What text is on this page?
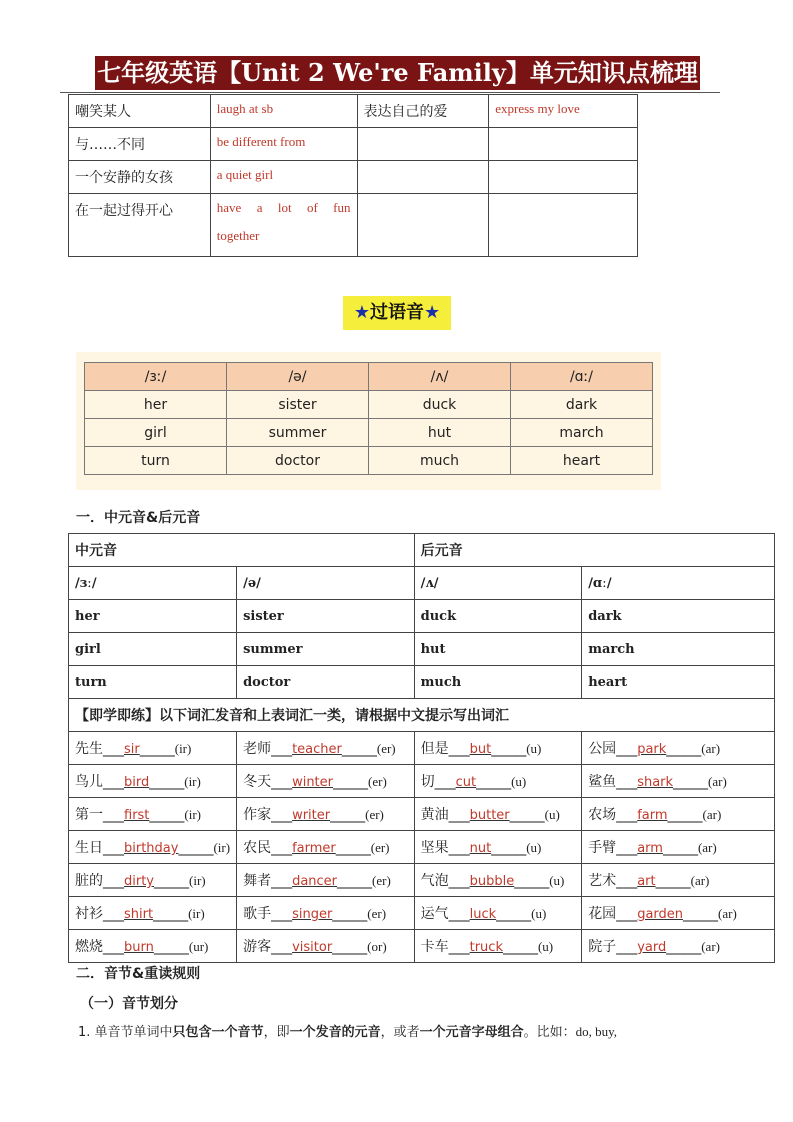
七年级英语【Unit 2 We're Family】单元知识点梳理
嘲笑某人	laugh at sb	表达自己的爱	express my love
与……不同	be different from		
一个安静的女孩	a quiet girl		
在一起过得开心	have a lot of fun together		
★过语音★
/ɜː/	/ə/	/ʌ/	/ɑː/
her	sister	duck	dark
girl	summer	hut	march
turn	doctor	much	heart
一．中元音&后元音
中元音		后元音	
/ɜː/	/ə/	/ʌ/	/ɑː/
her	sister	duck	dark
girl	summer	hut	march
turn	doctor	much	heart
【即学即练】以下词汇发音和上表词汇一类，请根据中文提示写出词汇			
先生___sir_____(ir)	老师___teacher_____(er)	但是___but_____(u)	公园___park_____(ar)
鸟儿___bird_____(ir)	冬天___winter_____(er)	切___cut_____(u)	鲨鱼___shark_____(ar)
第一___first_____(ir)	作家___writer_____(er)	黄油___butter_____(u)	农场___farm_____(ar)
生日___birthday_____(ir)	农民___farmer_____(er)	坚果___nut_____(u)	手臂___arm_____(ar)
脏的___dirty_____(ir)	舞者___dancer_____(er)	气泡___bubble_____(u)	艺术___art_____(ar)
衬衫___shirt_____(ir)	歌手___singer_____(er)	运气___luck_____(u)	花园___garden_____(ar)
燃烧___burn_____(ur)	游客___visitor_____(or)	卡车___truck_____(u)	院子___yard_____(ar)
二．音节&重读规则
（一）音节划分
1. 单音节单词中只包含一个音节，即一个发音的元音，或者一个元音字母组合。比如：do, buy,
